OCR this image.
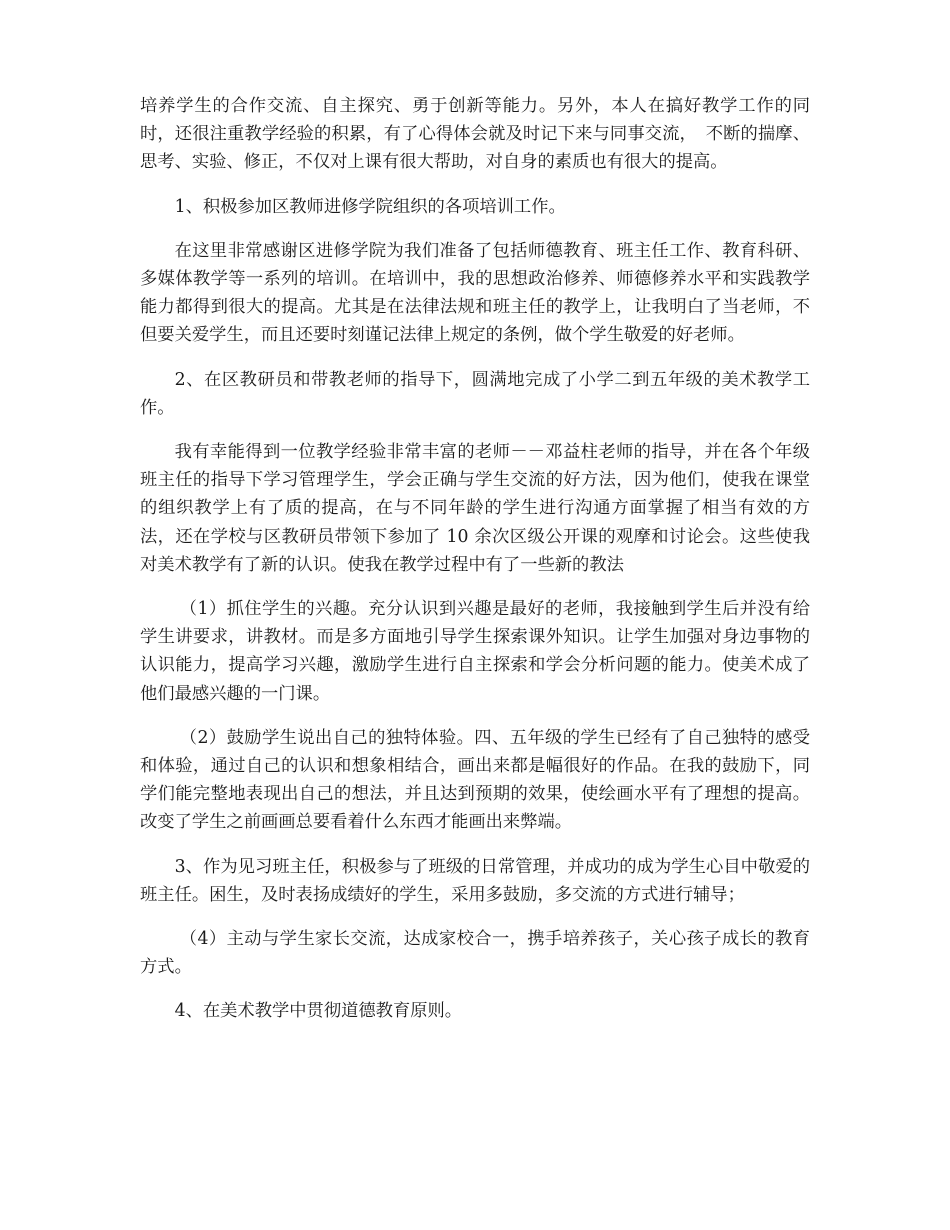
培养学生的合作交流、自主探究、勇于创新等能力。另外，本人在搞好教学工作的同时，还很注重教学经验的积累，有了心得体会就及时记下来与同事交流，　不断的揣摩、思考、实验、修正，不仅对上课有很大帮助，对自身的素质也有很大的提高。

1、积极参加区教师进修学院组织的各项培训工作。

在这里非常感谢区进修学院为我们准备了包括师德教育、班主任工作、教育科研、多媒体教学等一系列的培训。在培训中，我的思想政治修养、师德修养水平和实践教学能力都得到很大的提高。尤其是在法律法规和班主任的教学上，让我明白了当老师，不但要关爱学生，而且还要时刻谨记法律上规定的条例，做个学生敬爱的好老师。

2、在区教研员和带教老师的指导下，圆满地完成了小学二到五年级的美术教学工作。

我有幸能得到一位教学经验非常丰富的老师－－邓益柱老师的指导，并在各个年级班主任的指导下学习管理学生，学会正确与学生交流的好方法，因为他们，使我在课堂的组织教学上有了质的提高，在与不同年龄的学生进行沟通方面掌握了相当有效的方法，还在学校与区教研员带领下参加了 10 余次区级公开课的观摩和讨论会。这些使我对美术教学有了新的认识。使我在教学过程中有了一些新的教法

（1）抓住学生的兴趣。充分认识到兴趣是最好的老师，我接触到学生后并没有给学生讲要求，讲教材。而是多方面地引导学生探索课外知识。让学生加强对身边事物的认识能力，提高学习兴趣，激励学生进行自主探索和学会分析问题的能力。使美术成了他们最感兴趣的一门课。

（2）鼓励学生说出自己的独特体验。四、五年级的学生已经有了自己独特的感受和体验，通过自己的认识和想象相结合，画出来都是幅很好的作品。在我的鼓励下，同学们能完整地表现出自己的想法，并且达到预期的效果，使绘画水平有了理想的提高。改变了学生之前画画总要看着什么东西才能画出来弊端。

3、作为见习班主任，积极参与了班级的日常管理，并成功的成为学生心目中敬爱的班主任。困生，及时表扬成绩好的学生，采用多鼓励，多交流的方式进行辅导；

（4）主动与学生家长交流，达成家校合一，携手培养孩子，关心孩子成长的教育方式。

4、在美术教学中贯彻道德教育原则。
